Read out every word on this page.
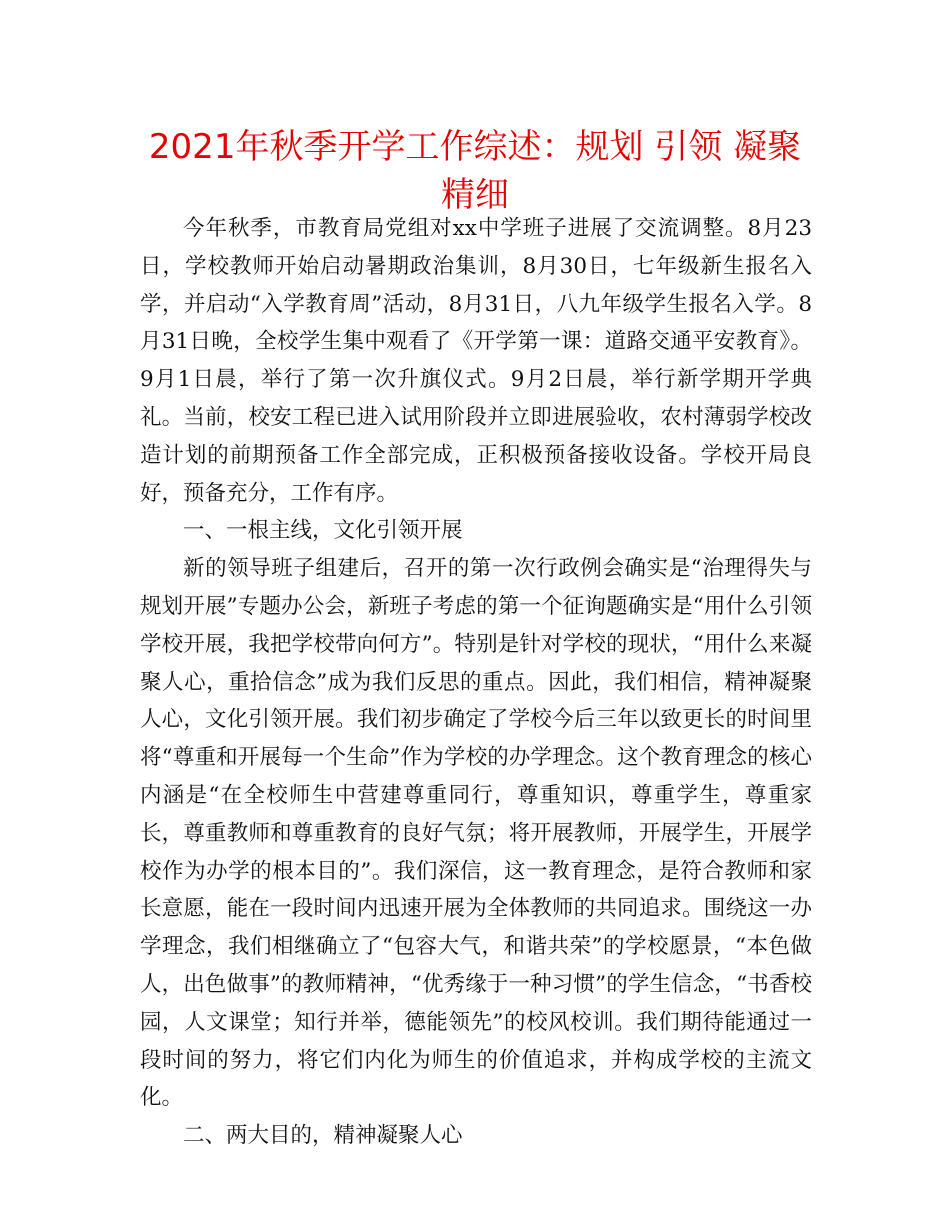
2021年秋季开学工作综述：规划 引领 凝聚 精细

今年秋季，市教育局党组对xx中学班子进展了交流调整。8月23日，学校教师开始启动暑期政治集训，8月30日，七年级新生报名入学，并启动“入学教育周”活动，8月31日，八九年级学生报名入学。8月31日晚，全校学生集中观看了《开学第一课：道路交通平安教育》。9月1日晨，举行了第一次升旗仪式。9月2日晨，举行新学期开学典礼。当前，校安工程已进入试用阶段并立即进展验收，农村薄弱学校改造计划的前期预备工作全部完成，正积极预备接收设备。学校开局良好，预备充分，工作有序。

一、一根主线，文化引领开展

新的领导班子组建后，召开的第一次行政例会确实是“治理得失与规划开展”专题办公会，新班子考虑的第一个征询题确实是“用什么引领学校开展，我把学校带向何方”。特别是针对学校的现状，“用什么来凝聚人心，重拾信念”成为我们反思的重点。因此，我们相信，精神凝聚人心，文化引领开展。我们初步确定了学校今后三年以致更长的时间里将“尊重和开展每一个生命”作为学校的办学理念。这个教育理念的核心内涵是“在全校师生中营建尊重同行，尊重知识，尊重学生，尊重家长，尊重教师和尊重教育的良好气氛；将开展教师，开展学生，开展学校作为办学的根本目的”。我们深信，这一教育理念，是符合教师和家长意愿，能在一段时间内迅速开展为全体教师的共同追求。围绕这一办学理念，我们相继确立了“包容大气，和谐共荣”的学校愿景，“本色做人，出色做事”的教师精神，“优秀缘于一种习惯”的学生信念，“书香校园，人文课堂；知行并举，德能领先”的校风校训。我们期待能通过一段时间的努力，将它们内化为师生的价值追求，并构成学校的主流文化。

二、两大目的，精神凝聚人心
